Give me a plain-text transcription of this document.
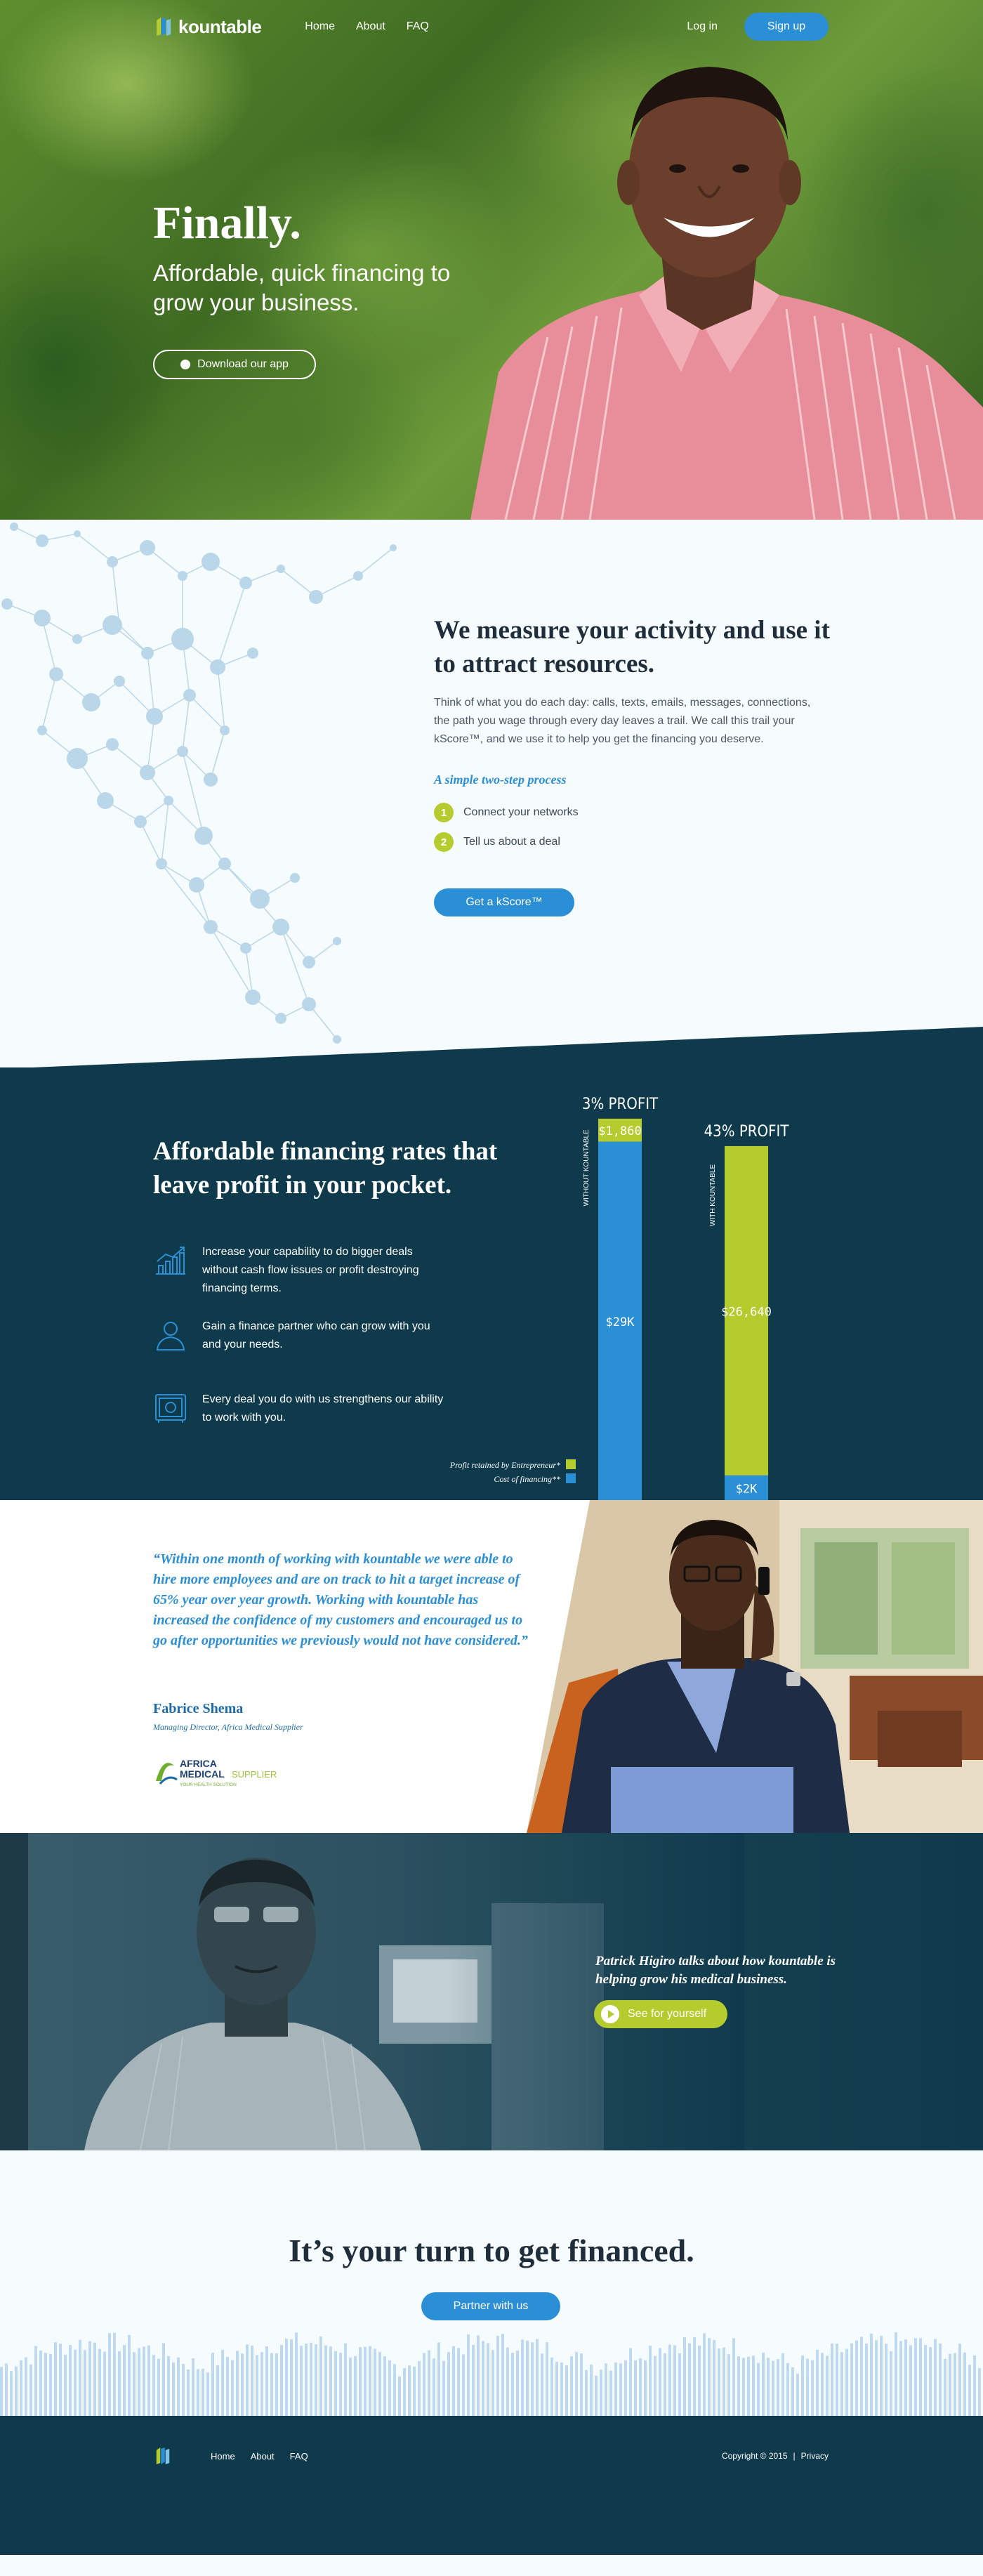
kountable	Home About FAQ	Log in	Sign up
Finally.

Affordable, quick financing to grow your business.

Download our app
We measure your activity and use it to attract resources.

Think of what you do each day: calls, texts, emails, messages, connections, the path you wage through every day leaves a trail. We call this trail your kScore™, and we use it to help you get the financing you deserve.

A simple two-step process

1	Connect your networks
2	Tell us about a deal
Get a kScore™
Affordable financing rates that leave profit in your pocket.

Increase your capability to do bigger deals without cash flow issues or profit destroying financing terms.

Gain a finance partner who can grow with you and your needs.

Every deal you do with us strengthens our ability to work with you.

Profit retained by Entrepreneur*
Cost of financing**
$29K
$1,860
3% PROFIT
WITHOUT KOUNTABLE
$2K
$26,640
43% PROFIT
WITH KOUNTABLE

“Within one month of working with kountable we were able to hire more employees and are on track to hit a target increase of 65% year over year growth. Working with kountable has increased the confidence of my customers and encouraged us to go after opportunities we previously would not have considered.”

Fabrice Shema

Managing Director, Africa Medical Supplier

AFRICA
MEDICAL SUPPLIER
YOUR HEALTH SOLUTION

Patrick Higiro talks about how kountable is helping grow his medical business.

See for yourself
It’s your turn to get financed.
Partner with us
Home About FAQ	Copyright © 2015 | Privacy
